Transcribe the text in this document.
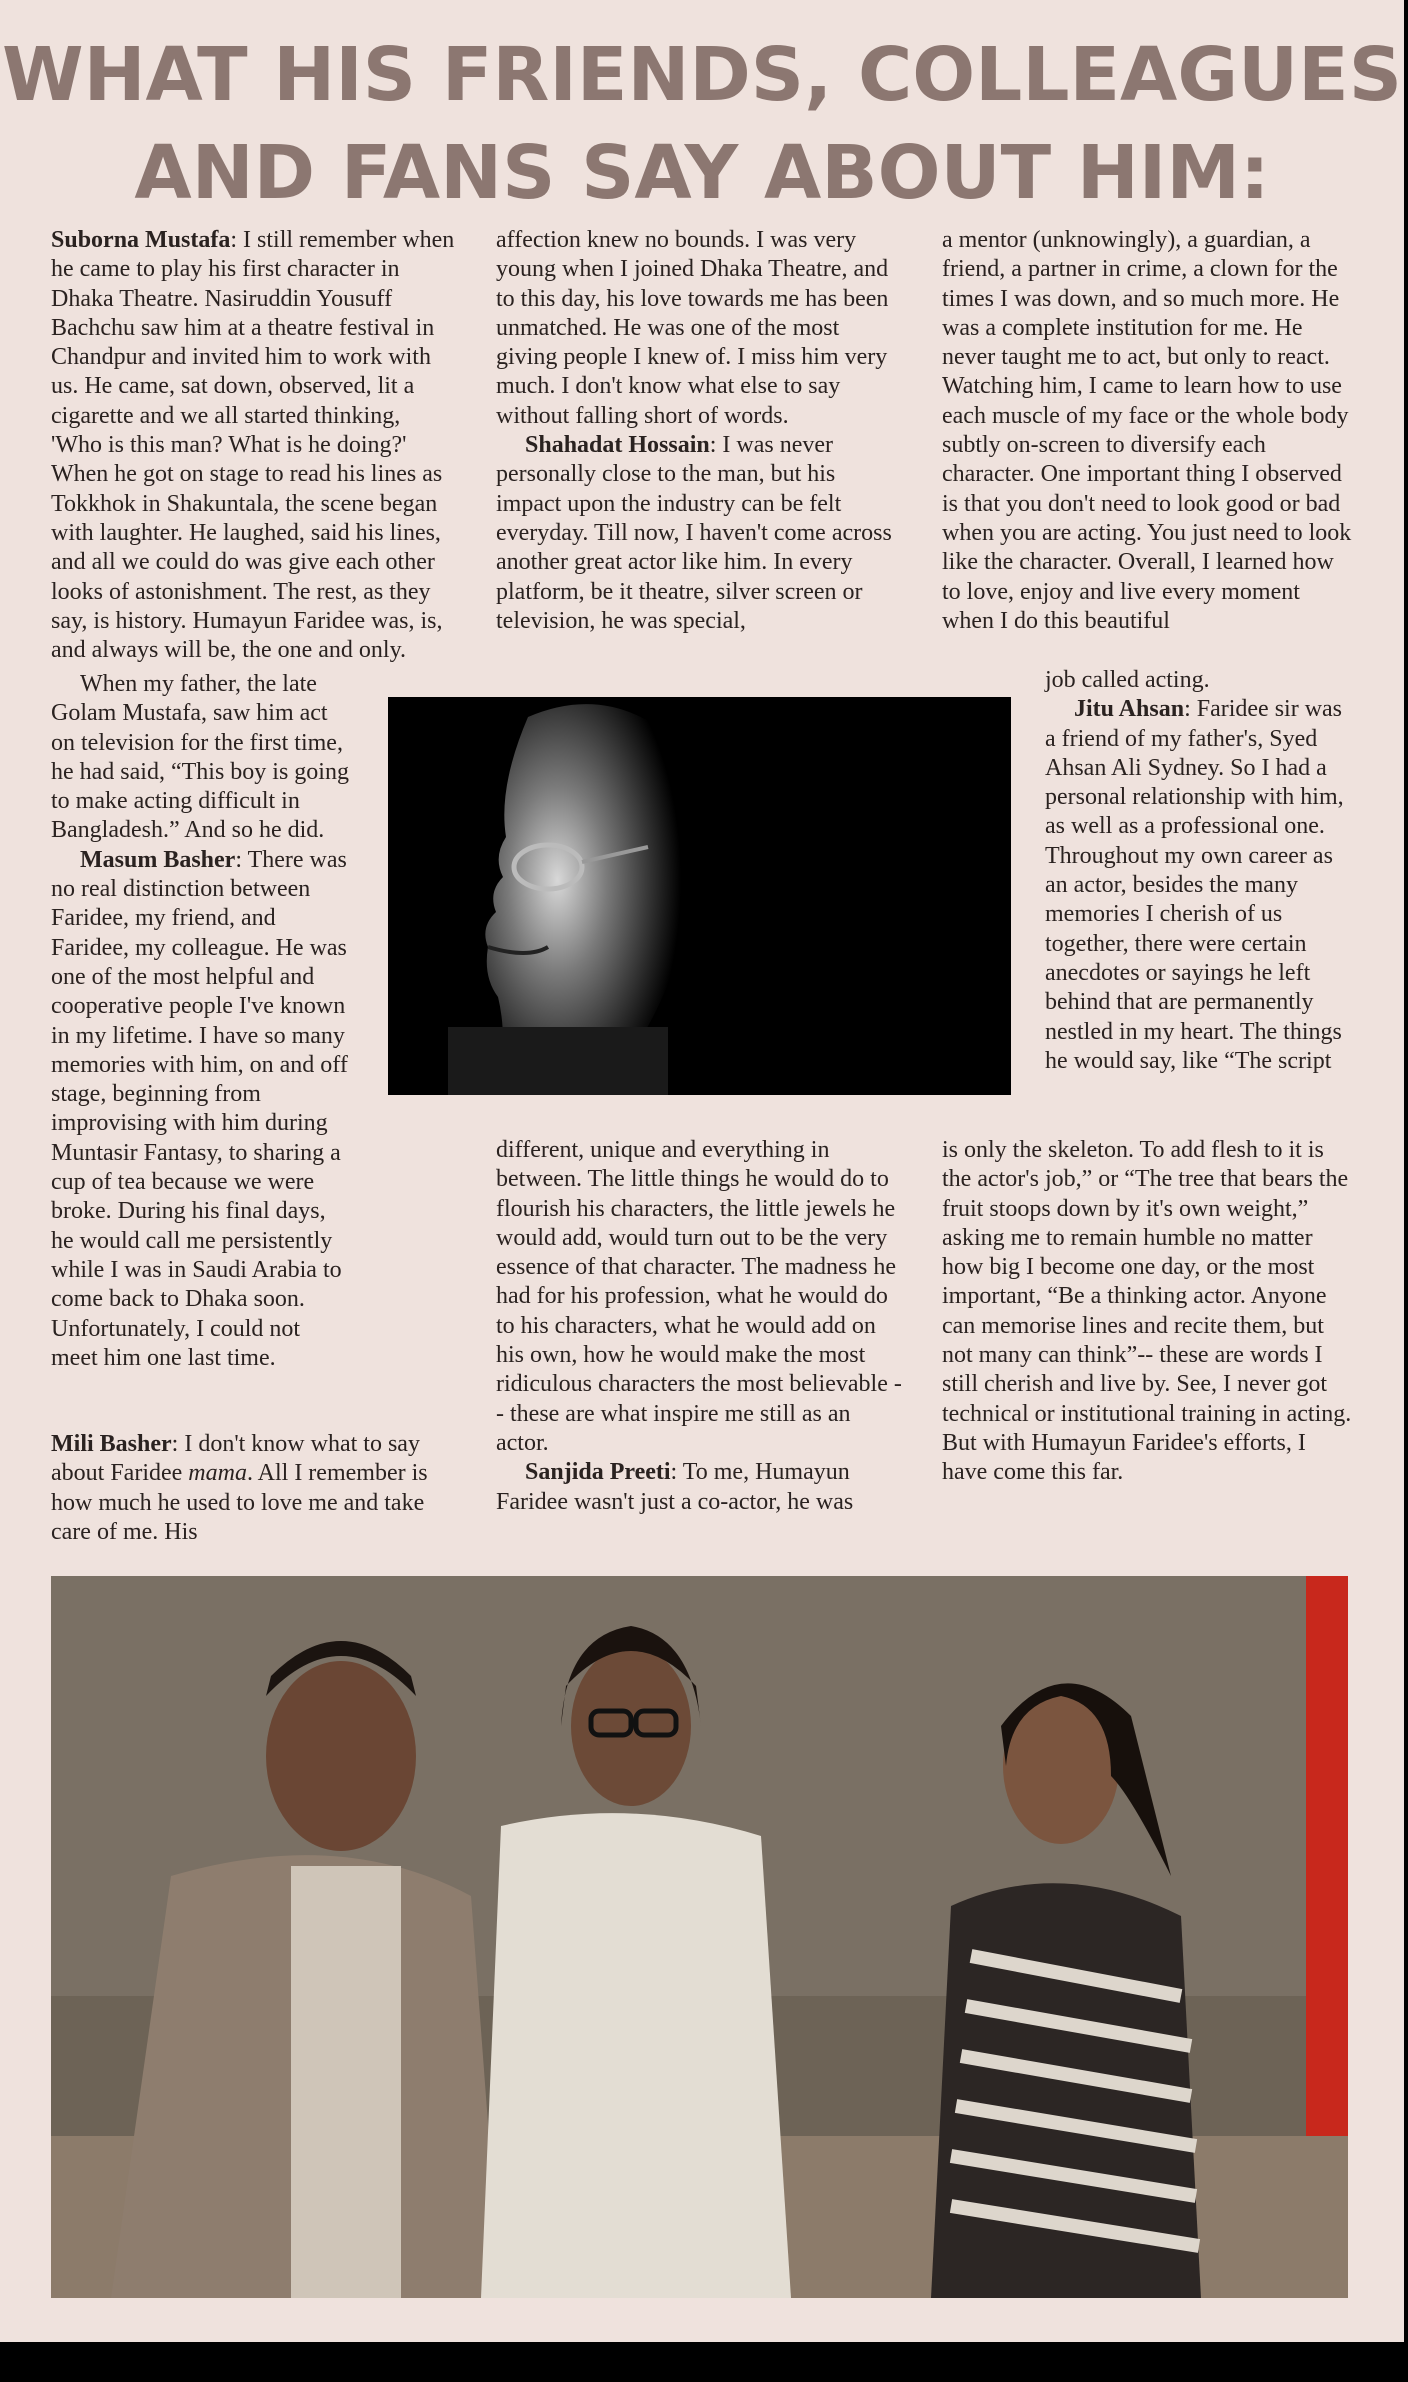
WHAT HIS FRIENDS, COLLEAGUES
AND FANS SAY ABOUT HIM:

Suborna Mustafa: I still remember when he came to play his first character in Dhaka Theatre. Nasiruddin Yousuff Bachchu saw him at a theatre festival in Chandpur and invited him to work with us. He came, sat down, observed, lit a cigarette and we all started thinking, 'Who is this man? What is he doing?' When he got on stage to read his lines as Tokkhok in Shakuntala, the scene began with laughter. He laughed, said his lines, and all we could do was give each other looks of astonishment. The rest, as they say, is history. Humayun Faridee was, is, and always will be, the one and only.

When my father, the late Golam Mustafa, saw him act on television for the first time, he had said, “This boy is going to make acting difficult in Bangladesh.” And so he did.

Masum Basher: There was no real distinction between Faridee, my friend, and Faridee, my colleague. He was one of the most helpful and cooperative people I've known in my lifetime. I have so many memories with him, on and off stage, beginning from improvising with him during Muntasir Fantasy, to sharing a cup of tea because we were broke. During his final days, he would call me persistently while I was in Saudi Arabia to come back to Dhaka soon. Unfortunately, I could not meet him one last time.

Mili Basher: I don't know what to say about Faridee mama. All I remember is how much he used to love me and take care of me. His

affection knew no bounds. I was very young when I joined Dhaka Theatre, and to this day, his love towards me has been unmatched. He was one of the most giving people I knew of. I miss him very much. I don't know what else to say without falling short of words.

Shahadat Hossain: I was never personally close to the man, but his impact upon the industry can be felt everyday. Till now, I haven't come across another great actor like him. In every platform, be it theatre, silver screen or television, he was special,

different, unique and everything in between. The little things he would do to flourish his characters, the little jewels he would add, would turn out to be the very essence of that character. The madness he had for his profession, what he would do to his characters, what he would add on his own, how he would make the most ridiculous characters the most believable -- these are what inspire me still as an actor.

Sanjida Preeti: To me, Humayun Faridee wasn't just a co-actor, he was

a mentor (unknowingly), a guardian, a friend, a partner in crime, a clown for the times I was down, and so much more. He was a complete institution for me. He never taught me to act, but only to react. Watching him, I came to learn how to use each muscle of my face or the whole body subtly on-screen to diversify each character. One important thing I observed is that you don't need to look good or bad when you are acting. You just need to look like the character. Overall, I learned how to love, enjoy and live every moment when I do this beautiful

job called acting.

Jitu Ahsan: Faridee sir was a friend of my father's, Syed Ahsan Ali Sydney. So I had a personal relationship with him, as well as a professional one. Throughout my own career as an actor, besides the many memories I cherish of us together, there were certain anecdotes or sayings he left behind that are permanently nestled in my heart. The things he would say, like “The script

is only the skeleton. To add flesh to it is the actor's job,” or “The tree that bears the fruit stoops down by it's own weight,” asking me to remain humble no matter how big I become one day, or the most important, “Be a thinking actor. Anyone can memorise lines and recite them, but not many can think”-- these are words I still cherish and live by. See, I never got technical or institutional training in acting. But with Humayun Faridee's efforts, I have come this far.
